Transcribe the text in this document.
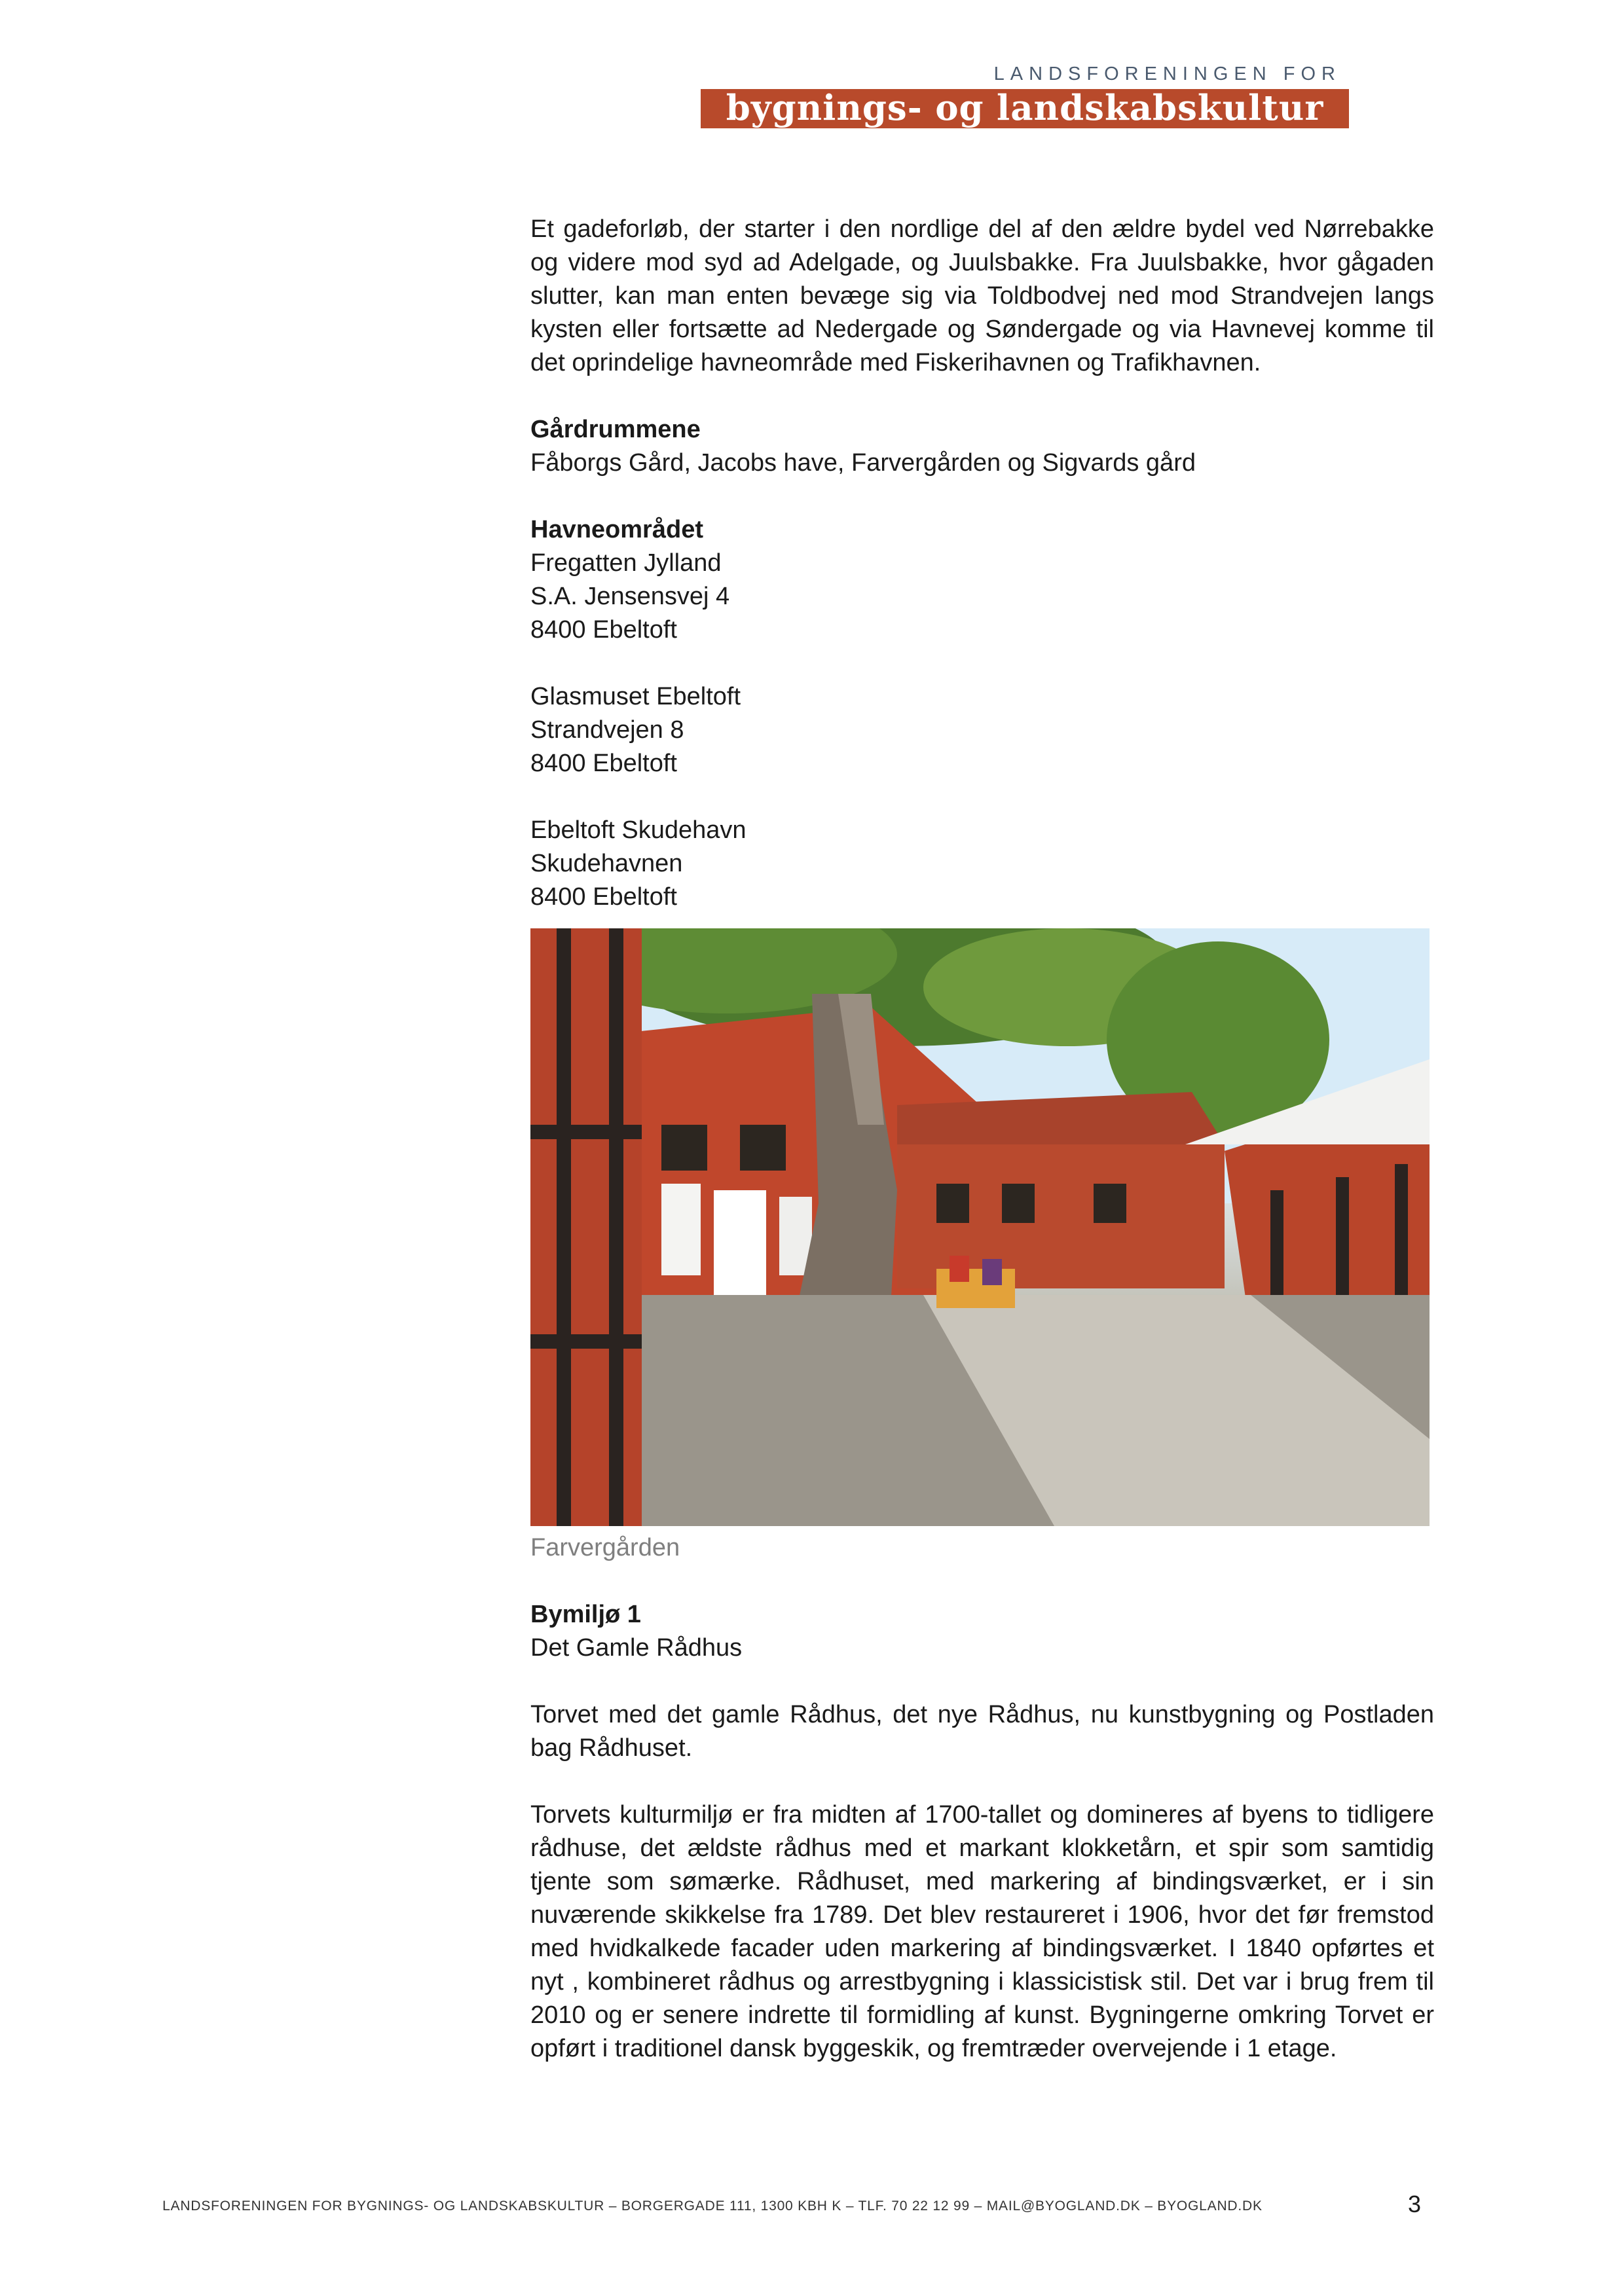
LANDSFORENINGEN FOR
bygnings- og landskabskultur

Et gadeforløb, der starter i den nordlige del af den ældre bydel ved Nørrebakke og videre mod syd ad Adelgade, og Juulsbakke. Fra Juulsbakke, hvor gågaden slutter, kan man enten bevæge sig via Toldbodvej ned mod Strandvejen langs kysten eller fortsætte ad Nedergade og Søndergade og via Havnevej komme til det oprindelige havneområde med Fiskerihavnen og Trafikhavnen.

Gårdrummene

Fåborgs Gård, Jacobs have, Farvergården og Sigvards gård

Havneområdet

Fregatten Jylland

S.A. Jensensvej 4

8400 Ebeltoft

Glasmuset Ebeltoft

Strandvejen 8

8400 Ebeltoft

Ebeltoft Skudehavn

Skudehavnen

8400 Ebeltoft

Farvergården

Bymiljø 1

Det Gamle Rådhus

Torvet med det gamle Rådhus, det nye Rådhus, nu kunstbygning og Postladen bag Rådhuset.

Torvets kulturmiljø er fra midten af 1700-tallet og domineres af byens to tidligere rådhuse, det ældste rådhus med et markant klokketårn, et spir som samtidig tjente som sømærke. Rådhuset, med markering af bindingsværket, er i sin nuværende skikkelse fra 1789. Det blev restaureret i 1906, hvor det før fremstod med hvidkalkede facader uden markering af bindingsværket. I 1840 opførtes et nyt , kombineret rådhus og arrestbygning i klassicistisk stil. Det var i brug frem til 2010 og er senere indrette til formidling af kunst. Bygningerne omkring Torvet er opført i traditionel dansk byggeskik, og fremtræder overvejende i 1 etage.

LANDSFORENINGEN FOR BYGNINGS- OG LANDSKABSKULTUR – BORGERGADE 111, 1300 KBH K – TLF. 70 22 12 99 – MAIL@BYOGLAND.DK – BYOGLAND.DK	3
